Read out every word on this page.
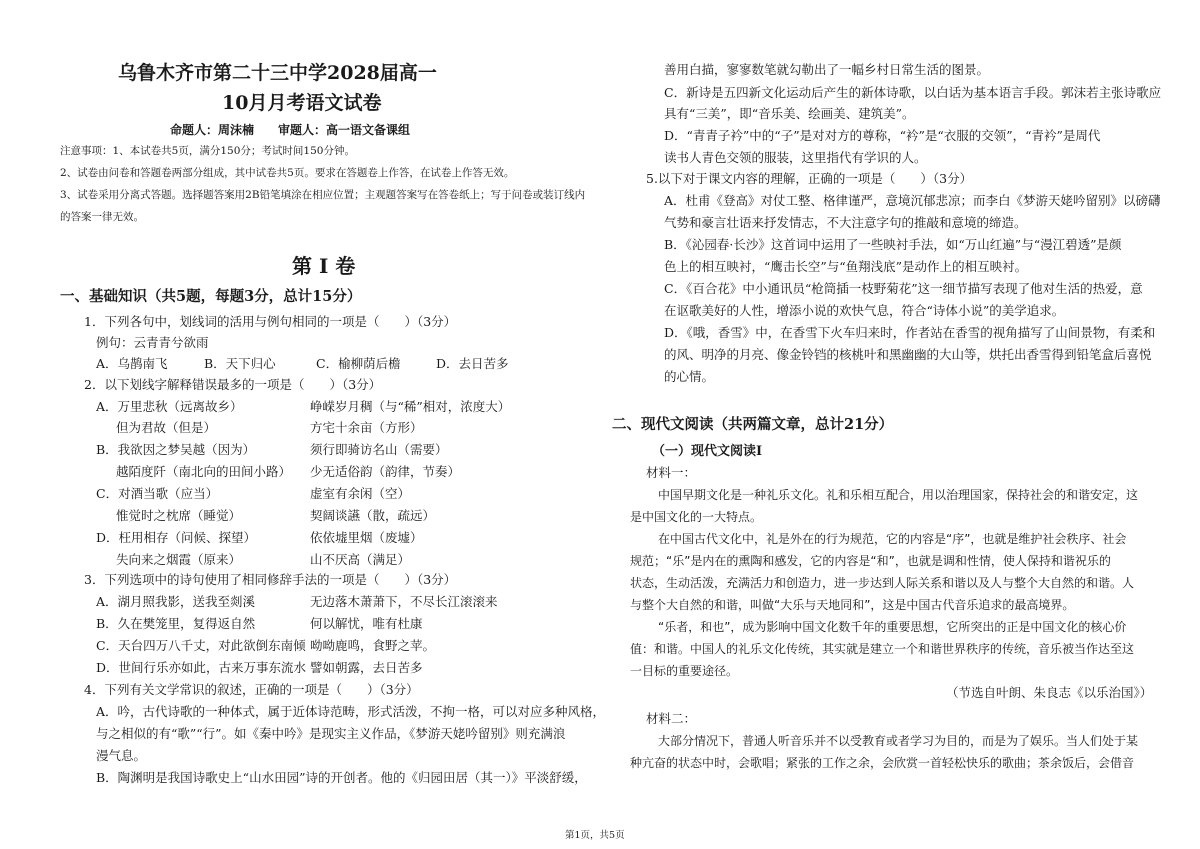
乌鲁木齐市第二十三中学2028届高一
10月月考语文试卷
命题人：周沫楠　　审题人：高一语文备课组
注意事项：1、本试卷共5页，满分150分；考试时间150分钟。
2、试卷由问卷和答题卷两部分组成，其中试卷共5页。要求在答题卷上作答，在试卷上作答无效。
3、试卷采用分离式答题。选择题答案用2B铅笔填涂在相应位置；主观题答案写在答卷纸上；写于问卷或装订线内
的答案一律无效。
第 Ⅰ 卷
一、基础知识（共5题，每题3分，总计15分）
1．下列各句中，划线词的活用与例句相同的一项是（　　）（3分）
例句：云青青兮欲雨
A．乌鹊南飞	B．天下归心	C．榆柳荫后檐	D．去日苦多
2．以下划线字解释错误最多的一项是（　　）（3分）
A．万里悲秋（远离故乡）	峥嵘岁月稠（与“稀”相对，浓度大）
但为君故（但是）	方宅十余亩（方形）
B．我欲因之梦吴越（因为）	须行即骑访名山（需要）
越陌度阡（南北向的田间小路） 少无适俗韵（韵律，节奏）
C．对酒当歌（应当）	虚室有余闲（空）
惟觉时之枕席（睡觉）	契阔谈讌（散，疏远）
D．枉用相存（问候、探望）	依依墟里烟（废墟）
失向来之烟霞（原来）	山不厌高（满足）
3．下列选项中的诗句使用了相同修辞手法的一项是（　　）（3分）
A．湖月照我影，送我至剡溪	无边落木萧萧下，不尽长江滚滚来
B．久在樊笼里，复得返自然	何以解忧，唯有杜康
C．天台四万八千丈，对此欲倒东南倾 呦呦鹿鸣，食野之苹。
D．世间行乐亦如此，古来万事东流水 譬如朝露，去日苦多
4．下列有关文学常识的叙述，正确的一项是（　　）（3分）
A．吟，古代诗歌的一种体式，属于近体诗范畴，形式活泼，不拘一格，可以对应多种风格，
与之相似的有“歌”“行”。如《秦中吟》是现实主义作品，《梦游天姥吟留别》则充满浪
漫气息。
B．陶渊明是我国诗歌史上“山水田园”诗的开创者。他的《归园田居（其一）》平淡舒缓，
善用白描，寥寥数笔就勾勒出了一幅乡村日常生活的图景。
C．新诗是五四新文化运动后产生的新体诗歌，以白话为基本语言手段。郭沫若主张诗歌应
具有“三美”，即“音乐美、绘画美、建筑美”。
D．“青青子衿”中的“子”是对对方的尊称，“衿”是“衣服的交领”，“青衿”是周代
读书人青色交领的服装，这里指代有学识的人。
5.以下对于课文内容的理解，正确的一项是（　　）（3分）
A．杜甫《登高》对仗工整、格律谨严，意境沉郁悲凉；而李白《梦游天姥吟留别》以磅礴
气势和豪言壮语来抒发情志，不大注意字句的推敲和意境的缔造。
B．《沁园春·长沙》这首词中运用了一些映衬手法，如“万山红遍”与“漫江碧透”是颜
色上的相互映衬，“鹰击长空”与“鱼翔浅底”是动作上的相互映衬。
C．《百合花》中小通讯员“枪筒插一枝野菊花”这一细节描写表现了他对生活的热爱，意
在讴歌美好的人性，增添小说的欢快气息，符合“诗体小说”的美学追求。
D．《哦，香雪》中，在香雪下火车归来时，作者站在香雪的视角描写了山间景物，有柔和
的风、明净的月亮、像金铃铛的核桃叶和黑幽幽的大山等，烘托出香雪得到铅笔盒后喜悦
的心情。
二、现代文阅读（共两篇文章，总计21分）
（一）现代文阅读Ⅰ
材料一：
中国早期文化是一种礼乐文化。礼和乐相互配合，用以治理国家，保持社会的和谐安定，这
是中国文化的一大特点。
在中国古代文化中，礼是外在的行为规范，它的内容是“序”，也就是维护社会秩序、社会
规范；“乐”是内在的熏陶和感发，它的内容是“和”，也就是调和性情，使人保持和谐祝乐的
状态，生动活泼，充满活力和创造力，进一步达到人际关系和谐以及人与整个大自然的和谐。人
与整个大自然的和谐，叫做“大乐与天地同和”，这是中国古代音乐追求的最高境界。
“乐者，和也”，成为影响中国文化数千年的重要思想，它所突出的正是中国文化的核心价
值：和谐。中国人的礼乐文化传统，其实就是建立一个和谐世界秩序的传统，音乐被当作达至这
一目标的重要途径。
（节选自叶朗、朱良志《以乐治国》）
材料二：
大部分情况下，普通人听音乐并不以受教育或者学习为目的，而是为了娱乐。当人们处于某
种亢奋的状态中时，会歌唱；紧张的工作之余，会欣赏一首轻松快乐的歌曲；茶余饭后，会借音
第1页，共5页
